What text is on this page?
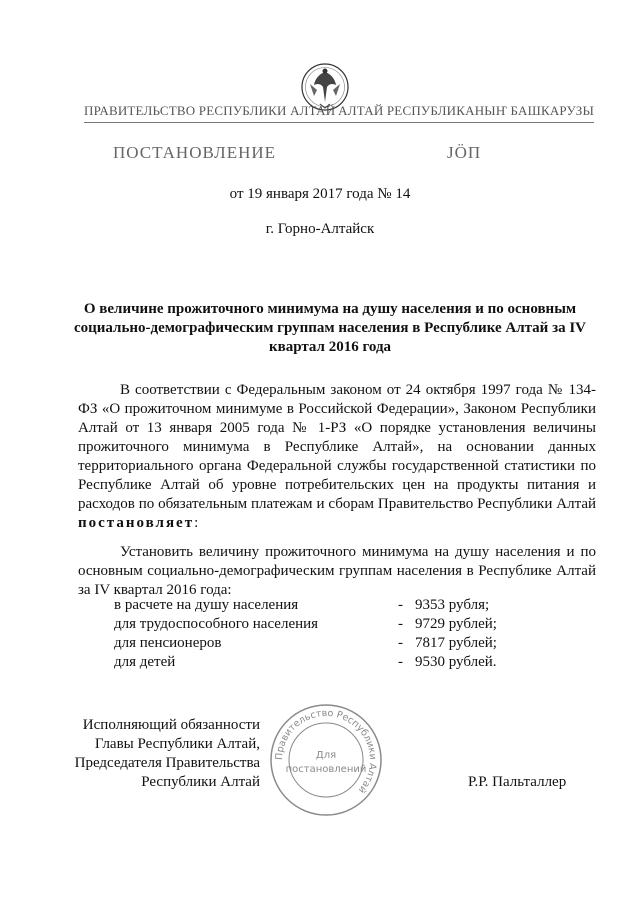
ПРАВИТЕЛЬСТВО РЕСПУБЛИКИ АЛТАЙ АЛТАЙ РЕСПУБЛИКАНЫҤ БАШКАРУЗЫ
ПОСТАНОВЛЕНИЕ	ЈӦП
от 19 января 2017 года № 14
г. Горно-Алтайск
О величине прожиточного минимума на душу населения и по основным социально-демографическим группам населения в Республике Алтай за IV квартал 2016 года
В соответствии с Федеральным законом от 24 октября 1997 года № 134-ФЗ «О прожиточном минимуме в Российской Федерации», Законом Республики Алтай от 13 января 2005 года № 1-РЗ «О порядке установления величины прожиточного минимума в Республике Алтай», на основании данных территориального органа Федеральной службы государственной статистики по Республике Алтай об уровне потребительских цен на продукты питания и расходов по обязательным платежам и сборам Правительство Республики Алтай постановляет:
Установить величину прожиточного минимума на душу населения и по основным социально-демографическим группам населения в Республике Алтай за IV квартал 2016 года:
в расчете на душу населения	- 9353 рубля;
для трудоспособного населения	- 9729 рублей;
для пенсионеров	- 7817 рублей;
для детей	- 9530 рублей.
Исполняющий обязанности
Главы Республики Алтай,
Председателя Правительства
Республики Алтай
Правительство Республики Алтай
Для
постановлений
Р.Р. Пальталлер
